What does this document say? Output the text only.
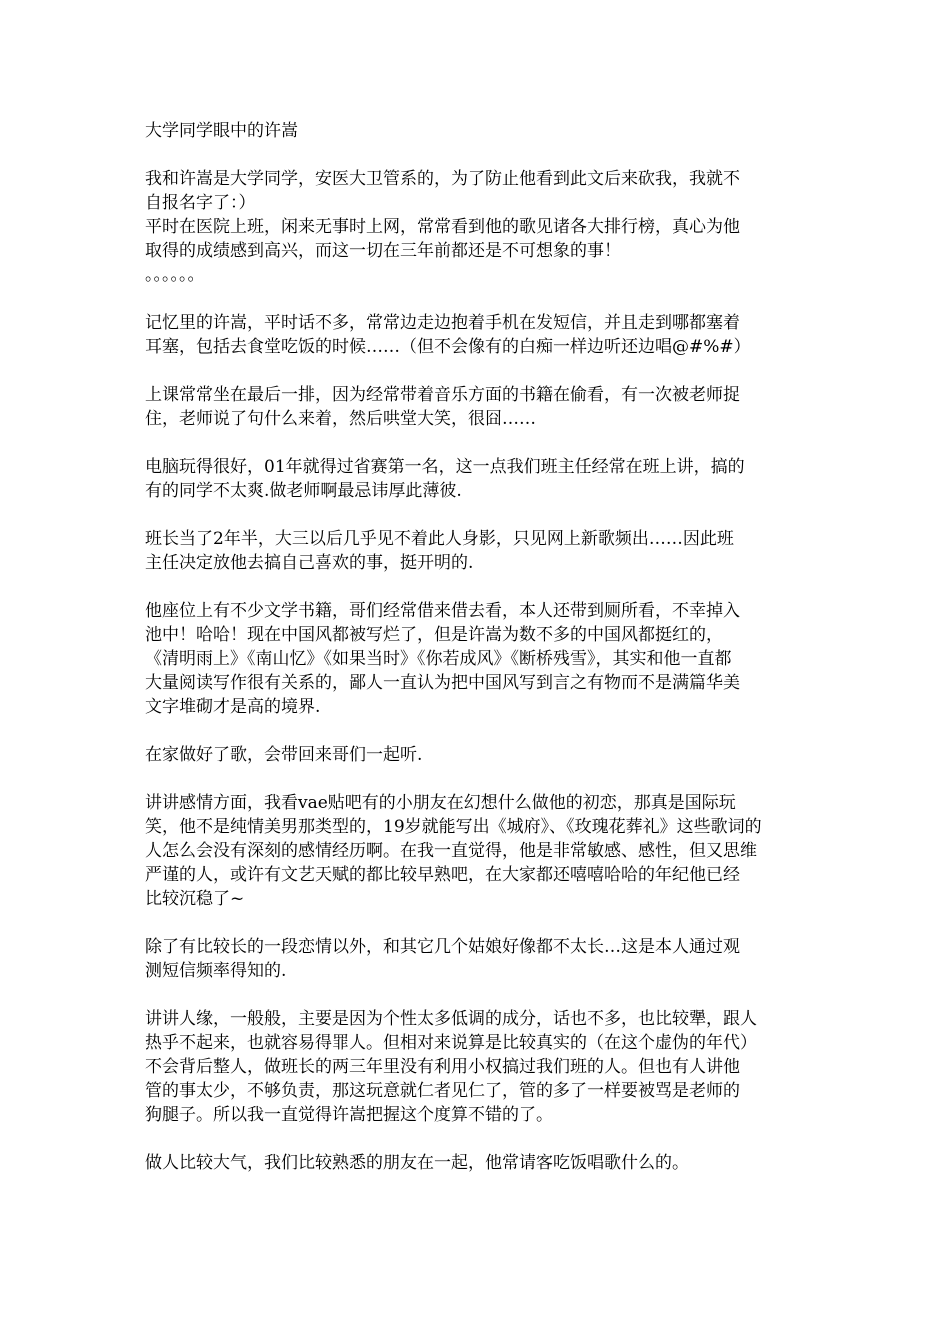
大学同学眼中的许嵩
我和许嵩是大学同学，安医大卫管系的，为了防止他看到此文后来砍我，我就不
自报名字了：）
平时在医院上班，闲来无事时上网，常常看到他的歌见诸各大排行榜，真心为他
取得的成绩感到高兴，而这一切在三年前都还是不可想象的事！
。。。。。。
记忆里的许嵩，平时话不多，常常边走边抱着手机在发短信，并且走到哪都塞着
耳塞，包括去食堂吃饭的时候……（但不会像有的白痴一样边听还边唱@#%#）
上课常常坐在最后一排，因为经常带着音乐方面的书籍在偷看，有一次被老师捉
住，老师说了句什么来着，然后哄堂大笑，很囧……
电脑玩得很好，01年就得过省赛第一名，这一点我们班主任经常在班上讲，搞的
有的同学不太爽.做老师啊最忌讳厚此薄彼.
班长当了2年半，大三以后几乎见不着此人身影，只见网上新歌频出……因此班
主任决定放他去搞自己喜欢的事，挺开明的.
他座位上有不少文学书籍，哥们经常借来借去看，本人还带到厕所看，不幸掉入
池中！哈哈！现在中国风都被写烂了，但是许嵩为数不多的中国风都挺红的，
《清明雨上》《南山忆》《如果当时》《你若成风》《断桥残雪》，其实和他一直都
大量阅读写作很有关系的，鄙人一直认为把中国风写到言之有物而不是满篇华美
文字堆砌才是高的境界.
在家做好了歌，会带回来哥们一起听.
讲讲感情方面，我看vae贴吧有的小朋友在幻想什么做他的初恋，那真是国际玩
笑，他不是纯情美男那类型的，19岁就能写出《城府》、《玫瑰花葬礼》这些歌词的
人怎么会没有深刻的感情经历啊。在我一直觉得，他是非常敏感、感性，但又思维
严谨的人，或许有文艺天赋的都比较早熟吧，在大家都还嘻嘻哈哈的年纪他已经
比较沉稳了~
除了有比较长的一段恋情以外，和其它几个姑娘好像都不太长…这是本人通过观
测短信频率得知的.
讲讲人缘，一般般，主要是因为个性太多低调的成分，话也不多，也比较犟，跟人
热乎不起来，也就容易得罪人。但相对来说算是比较真实的（在这个虚伪的年代）
不会背后整人，做班长的两三年里没有利用小权搞过我们班的人。但也有人讲他
管的事太少，不够负责，那这玩意就仁者见仁了，管的多了一样要被骂是老师的
狗腿子。所以我一直觉得许嵩把握这个度算不错的了。
做人比较大气，我们比较熟悉的朋友在一起，他常请客吃饭唱歌什么的。
